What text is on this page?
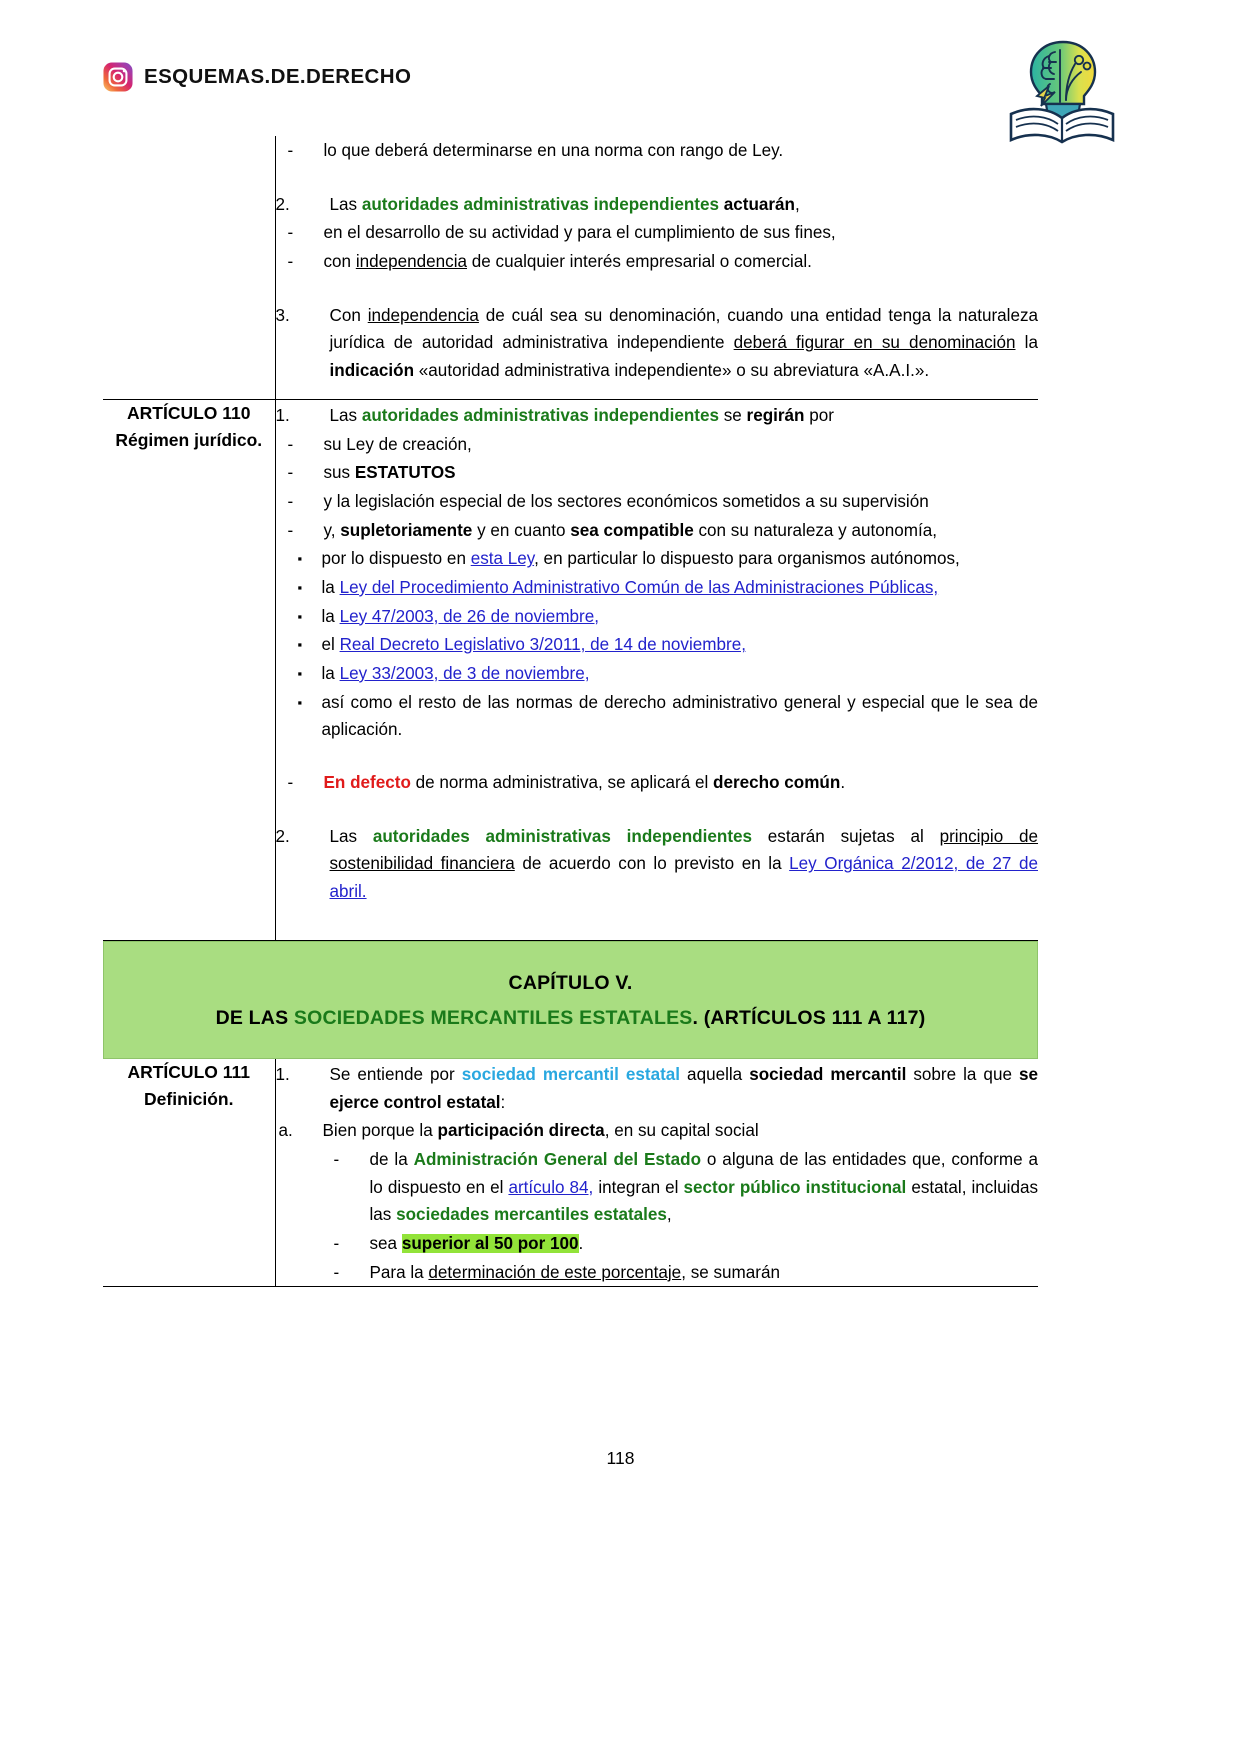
ESQUEMAS.DE.DERECHO

-	lo que deberá determinarse en una norma con rango de Ley.
2.	Las autoridades administrativas independientes actuarán,
-	en el desarrollo de su actividad y para el cumplimiento de sus fines,
-	con independencia de cualquier interés empresarial o comercial.
3.	Con independencia de cuál sea su denominación, cuando una entidad tenga la naturaleza jurídica de autoridad administrativa independiente deberá figurar en su denominación la indicación «autoridad administrativa independiente» o su abreviatura «A.A.I.».

ARTÍCULO 110
Régimen jurídico.

1.	Las autoridades administrativas independientes se regirán por
-	su Ley de creación,
-	sus ESTATUTOS
-	y la legislación especial de los sectores económicos sometidos a su supervisión
-	y, supletoriamente y en cuanto sea compatible con su naturaleza y autonomía,
▪	por lo dispuesto en esta Ley, en particular lo dispuesto para organismos autónomos,
▪	la Ley del Procedimiento Administrativo Común de las Administraciones Públicas,
▪	la Ley 47/2003, de 26 de noviembre,
▪	el Real Decreto Legislativo 3/2011, de 14 de noviembre,
▪	la Ley 33/2003, de 3 de noviembre,
▪	así como el resto de las normas de derecho administrativo general y especial que le sea de aplicación.
-	En defecto de norma administrativa, se aplicará el derecho común.
2.	Las autoridades administrativas independientes estarán sujetas al principio de sostenibilidad financiera de acuerdo con lo previsto en la Ley Orgánica 2/2012, de 27 de abril.

CAPÍTULO V.
DE LAS SOCIEDADES MERCANTILES ESTATALES. (ARTÍCULOS 111 A 117)	

ARTÍCULO 111
Definición.

1.	Se entiende por sociedad mercantil estatal aquella sociedad mercantil sobre la que se ejerce control estatal:
a.	Bien porque la participación directa, en su capital social
-	de la Administración General del Estado o alguna de las entidades que, conforme a lo dispuesto en el artículo 84, integran el sector público institucional estatal, incluidas las sociedades mercantiles estatales,
-	sea superior al 50 por 100.
-	Para la determinación de este porcentaje, se sumarán
118
